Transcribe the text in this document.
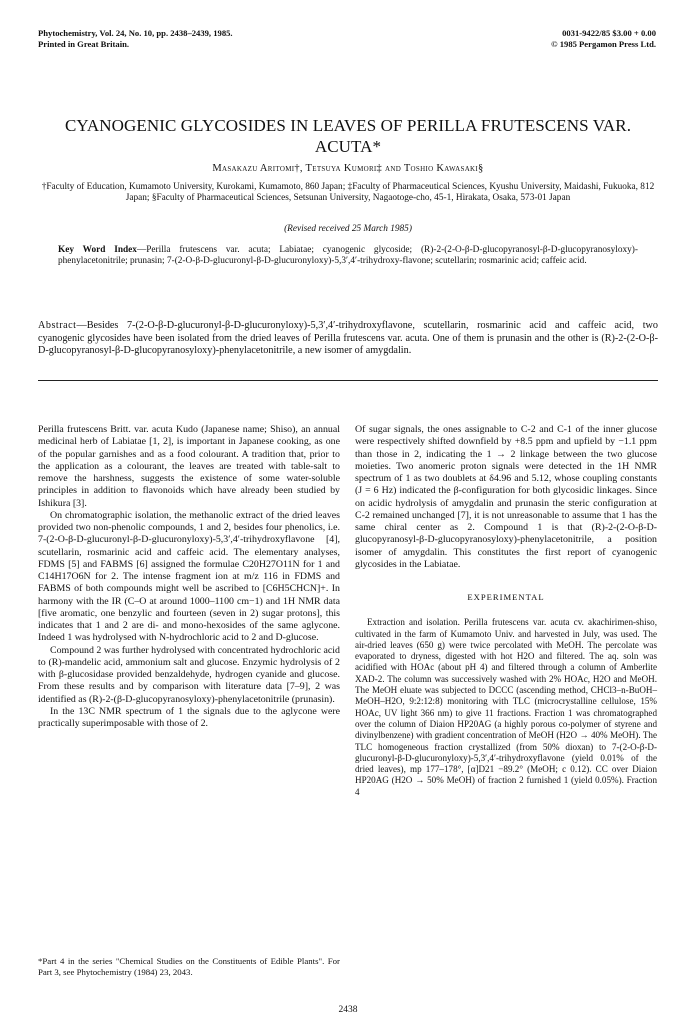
Phytochemistry, Vol. 24, No. 10, pp. 2438–2439, 1985.
Printed in Great Britain.
0031-9422/85 $3.00 + 0.00
© 1985 Pergamon Press Ltd.
CYANOGENIC GLYCOSIDES IN LEAVES OF PERILLA FRUTESCENS VAR. ACUTA*
Masakazu Aritomi†, Tetsuya Kumori‡ and Toshio Kawasaki§
†Faculty of Education, Kumamoto University, Kurokami, Kumamoto, 860 Japan; ‡Faculty of Pharmaceutical Sciences, Kyushu University, Maidashi, Fukuoka, 812 Japan; §Faculty of Pharmaceutical Sciences, Setsunan University, Nagaotoge-cho, 45-1, Hirakata, Osaka, 573-01 Japan
(Revised received 25 March 1985)
Key Word Index—Perilla frutescens var. acuta; Labiatae; cyanogenic glycoside; (R)-2-(2-O-β-D-glucopyranosyl-β-D-glucopyranosyloxy)-phenylacetonitrile; prunasin; 7-(2-O-β-D-glucuronyl-β-D-glucuronyloxy)-5,3′,4′-trihydroxy-flavone; scutellarin; rosmarinic acid; caffeic acid.
Abstract—Besides 7-(2-O-β-D-glucuronyl-β-D-glucuronyloxy)-5,3′,4′-trihydroxyflavone, scutellarin, rosmarinic acid and caffeic acid, two cyanogenic glycosides have been isolated from the dried leaves of Perilla frutescens var. acuta. One of them is prunasin and the other is (R)-2-(2-O-β-D-glucopyranosyl-β-D-glucopyranosyloxy)-phenylacetonitrile, a new isomer of amygdalin.

Perilla frutescens Britt. var. acuta Kudo (Japanese name; Shiso), an annual medicinal herb of Labiatae [1, 2], is important in Japanese cooking, as one of the popular garnishes and as a food colourant. A tradition that, prior to the application as a colourant, the leaves are treated with table-salt to remove the harshness, suggests the existence of some water-soluble principles in addition to flavonoids which have already been studied by Ishikura [3].

On chromatographic isolation, the methanolic extract of the dried leaves provided two non-phenolic compounds, 1 and 2, besides four phenolics, i.e. 7-(2-O-β-D-glucuronyl-β-D-glucuronyloxy)-5,3′,4′-trihydroxyflavone [4], scutellarin, rosmarinic acid and caffeic acid. The elementary analyses, FDMS [5] and FABMS [6] assigned the formulae C20H27O11N for 1 and C14H17O6N for 2. The intense fragment ion at m/z 116 in FDMS and FABMS of both compounds might well be ascribed to [C6H5CHCN]+. In harmony with the IR (C–O at around 1000–1100 cm−1) and 1H NMR data [five aromatic, one benzylic and fourteen (seven in 2) sugar protons], this indicates that 1 and 2 are di- and mono-hexosides of the same aglycone. Indeed 1 was hydrolysed with N-hydrochloric acid to 2 and D-glucose.

Compound 2 was further hydrolysed with concentrated hydrochloric acid to (R)-mandelic acid, ammonium salt and glucose. Enzymic hydrolysis of 2 with β-glucosidase provided benzaldehyde, hydrogen cyanide and glucose. From these results and by comparison with literature data [7–9], 2 was identified as (R)-2-(β-D-glucopyranosyloxy)-phenylacetonitrile (prunasin).

In the 13C NMR spectrum of 1 the signals due to the aglycone were practically superimposable with those of 2.

*Part 4 in the series "Chemical Studies on the Constituents of Edible Plants". For Part 3, see Phytochemistry (1984) 23, 2043.

Of sugar signals, the ones assignable to C-2 and C-1 of the inner glucose were respectively shifted downfield by +8.5 ppm and upfield by −1.1 ppm than those in 2, indicating the 1 → 2 linkage between the two glucose moieties. Two anomeric proton signals were detected in the 1H NMR spectrum of 1 as two doublets at δ4.96 and 5.12, whose coupling constants (J = 6 Hz) indicated the β-configuration for both glycosidic linkages. Since on acidic hydrolysis of amygdalin and prunasin the steric configuration at C-2 remained unchanged [7], it is not unreasonable to assume that 1 has the same chiral center as 2. Compound 1 is that (R)-2-(2-O-β-D-glucopyranosyl-β-D-glucopyranosyloxy)-phenylacetonitrile, a position isomer of amygdalin. This constitutes the first report of cyanogenic glycosides in the Labiatae.

EXPERIMENTAL

Extraction and isolation. Perilla frutescens var. acuta cv. akachirimen-shiso, cultivated in the farm of Kumamoto Univ. and harvested in July, was used. The air-dried leaves (650 g) were twice percolated with MeOH. The percolate was evaporated to dryness, digested with hot H2O and filtered. The aq. soln was acidified with HOAc (about pH 4) and filtered through a column of Amberlite XAD-2. The column was successively washed with 2% HOAc, H2O and MeOH. The MeOH eluate was subjected to DCCC (ascending method, CHCl3–n-BuOH–MeOH–H2O, 9:2:12:8) monitoring with TLC (microcrystalline cellulose, 15% HOAc, UV light 366 nm) to give 11 fractions. Fraction 1 was chromatographed over the column of Diaion HP20AG (a highly porous co-polymer of styrene and divinylbenzene) with gradient concentration of MeOH (H2O → 40% MeOH). The TLC homogeneous fraction crystallized (from 50% dioxan) to 7-(2-O-β-D-glucuronyl-β-D-glucuronyloxy)-5,3′,4′-trihydroxyflavone (yield 0.01% of the dried leaves), mp 177–178°, [α]D21 −89.2° (MeOH; c 0.12). CC over Diaion HP20AG (H2O → 50% MeOH) of fraction 2 furnished 1 (yield 0.05%). Fraction 4

2438
